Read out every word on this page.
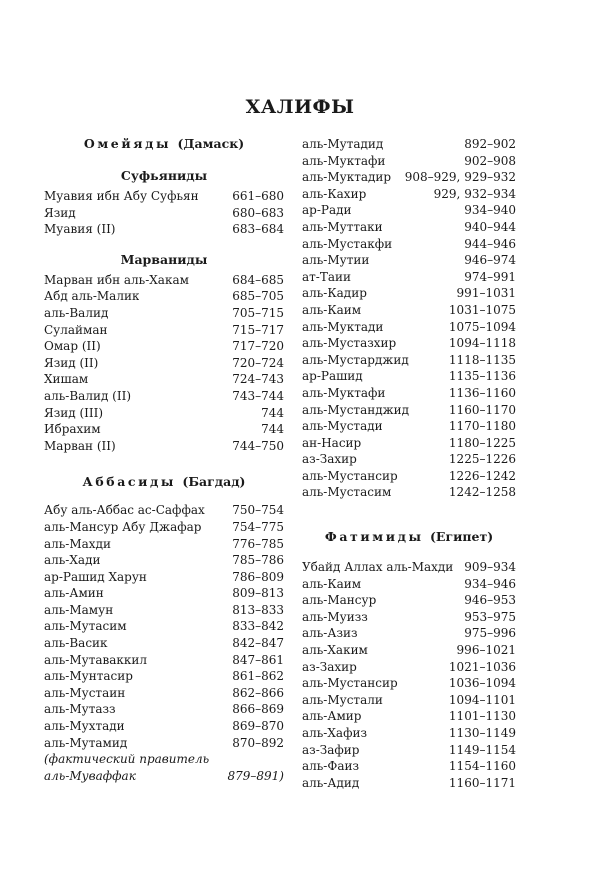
ХАЛИФЫ
Омейяды (Дамаск)
Суфьяниды
Муавия ибн Абу Суфьян	661–680
Язид	680–683
Муавия (II)	683–684
Марваниды
Марван ибн аль-Хакам	684–685
Абд аль-Малик	685–705
аль-Валид	705–715
Сулайман	715–717
Омар (II)	717–720
Язид (II)	720–724
Хишам	724–743
аль-Валид (II)	743–744
Язид (III)	744
Ибрахим	744
Марван (II)	744–750
Аббасиды (Багдад)
Абу аль-Аббас ас-Саффах 750–754
аль-Мансур Абу Джафар	754–775
аль-Махди	776–785
аль-Хади	785–786
ар-Рашид Харун	786–809
аль-Амин	809–813
аль-Мамун	813–833
аль-Мутасим	833–842
аль-Васик	842–847
аль-Мутаваккил	847–861
аль-Мунтасир	861–862
аль-Мустаин	862–866
аль-Мутазз	866–869
аль-Мухтади	869–870
аль-Мутамид	870–892
(фактический правитель
аль-Муваффак	879–891)
аль-Мутадид	892–902
аль-Муктафи	902–908
аль-Муктадир 908–929, 929–932
аль-Кахир	929, 932–934
ар-Ради	934–940
аль-Муттаки	940–944
аль-Мустакфи	944–946
аль-Мутии	946–974
ат-Таии	974–991
аль-Кадир	991–1031
аль-Каим	1031–1075
аль-Муктади	1075–1094
аль-Мустазхир	1094–1118
аль-Мустарджид	1118–1135
ар-Рашид	1135–1136
аль-Муктафи	1136–1160
аль-Мустанджид	1160–1170
аль-Мустади	1170–1180
ан-Насир	1180–1225
аз-Захир	1225–1226
аль-Мустансир	1226–1242
аль-Мустасим	1242–1258
Фатимиды (Египет)
Убайд Аллах аль-Махди 909–934
аль-Каим	934–946
аль-Мансур	946–953
аль-Муизз	953–975
аль-Азиз	975–996
аль-Хаким	996–1021
аз-Захир	1021–1036
аль-Мустансир	1036–1094
аль-Мустали	1094–1101
аль-Амир	1101–1130
аль-Хафиз	1130–1149
аз-Зафир	1149–1154
аль-Фаиз	1154–1160
аль-Адид	1160–1171
